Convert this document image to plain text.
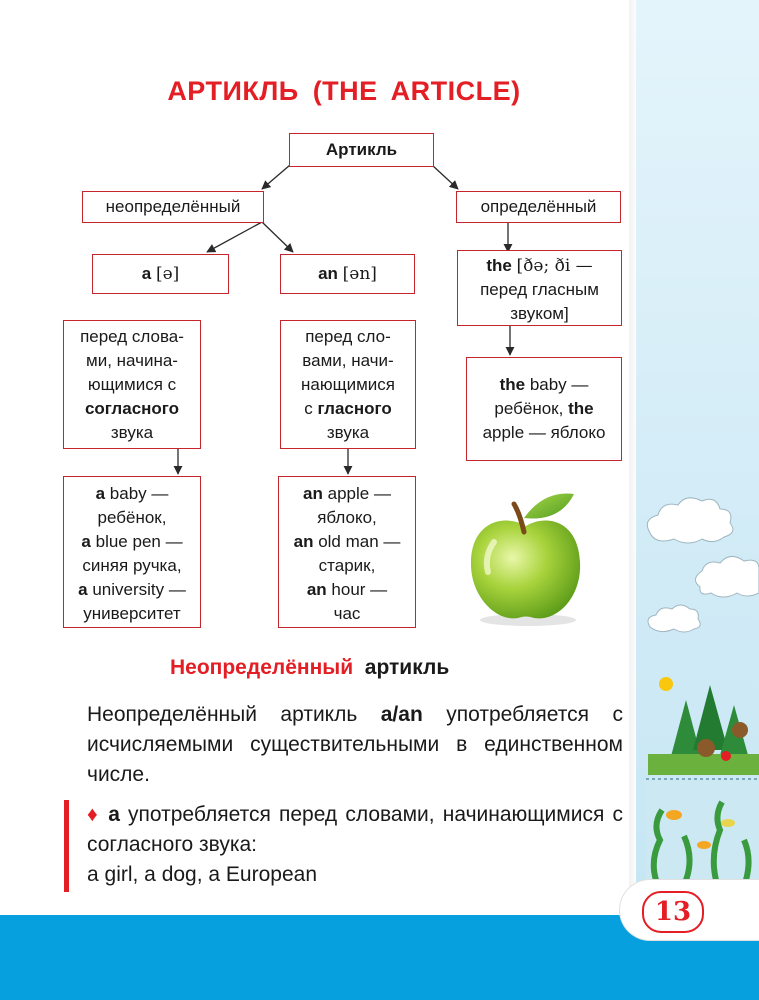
13
АРТИКЛЬ (THE ARTICLE)
Артикль
неопределённый	определённый
a [ə]	an [ən]	the [ðə; ði —
перед гласным
звуком]
перед слова-
ми, начина-
ющимися с
согласного
звука
перед сло-
вами, начи-
нающимися
с гласного
звука
the baby —
ребёнок, the
apple — яблоко
a baby —
ребёнок,
a blue pen —
синяя ручка,
a university —
университет
an apple —
яблоко,
an old man —
старик,
an hour —
час
Неопределённый артикль
Неопределённый артикль a/an употребляется с исчисляемыми существительными в единственном числе.
♦ a употребляется перед словами, начинающимися с согласного звука:
a girl, a dog, a European
